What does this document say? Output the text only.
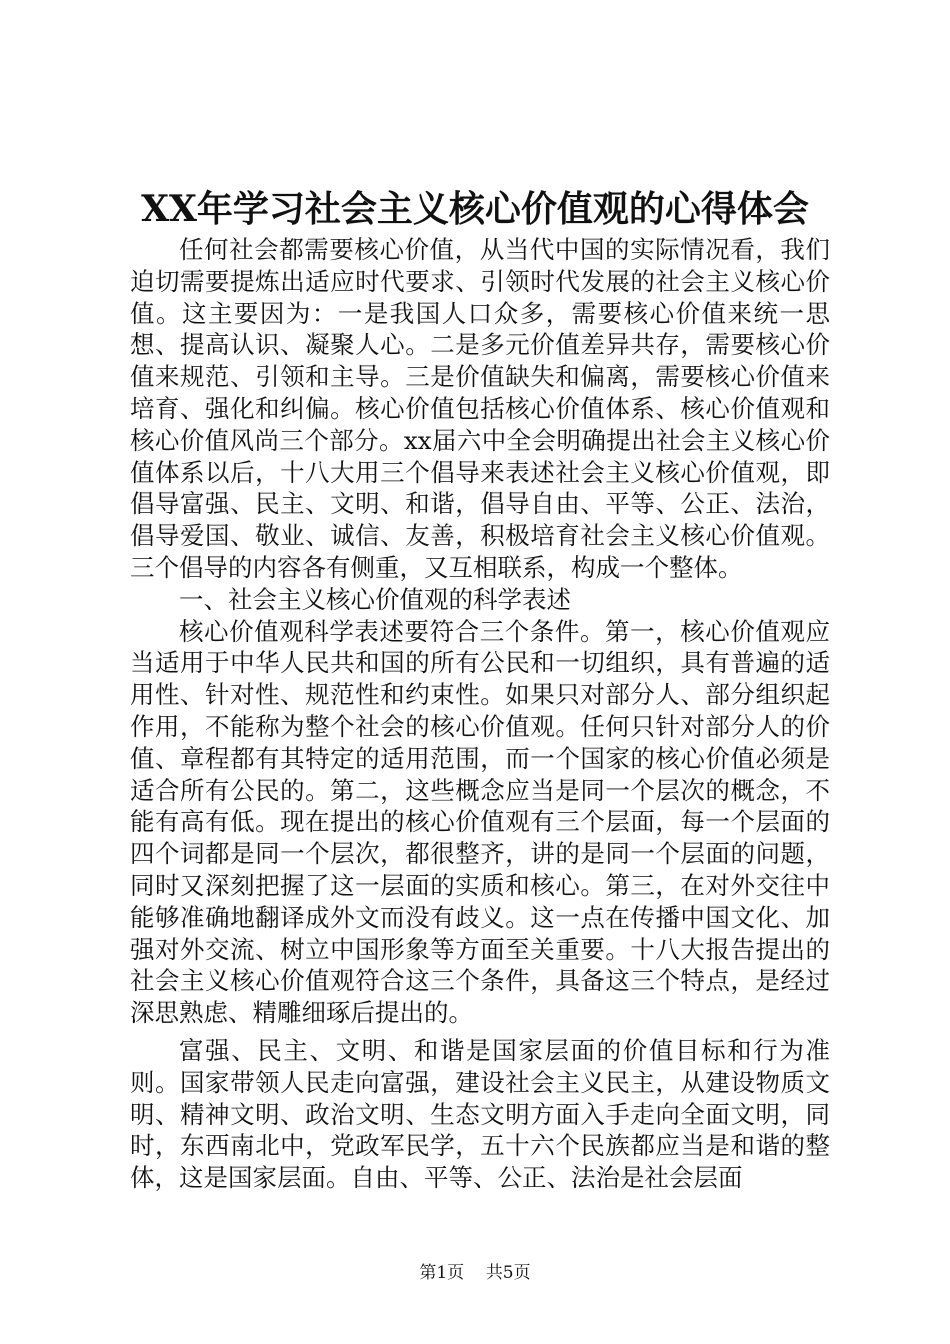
XX年学习社会主义核心价值观的心得体会

任何社会都需要核心价值，从当代中国的实际情况看，我们迫切需要提炼出适应时代要求、引领时代发展的社会主义核心价值。这主要因为：一是我国人口众多，需要核心价值来统一思想、提高认识、凝聚人心。二是多元价值差异共存，需要核心价值来规范、引领和主导。三是价值缺失和偏离，需要核心价值来培育、强化和纠偏。核心价值包括核心价值体系、核心价值观和核心价值风尚三个部分。xx届六中全会明确提出社会主义核心价值体系以后，十八大用三个倡导来表述社会主义核心价值观，即倡导富强、民主、文明、和谐，倡导自由、平等、公正、法治，倡导爱国、敬业、诚信、友善，积极培育社会主义核心价值观。三个倡导的内容各有侧重，又互相联系，构成一个整体。

一、社会主义核心价值观的科学表述

核心价值观科学表述要符合三个条件。第一，核心价值观应当适用于中华人民共和国的所有公民和一切组织，具有普遍的适用性、针对性、规范性和约束性。如果只对部分人、部分组织起作用，不能称为整个社会的核心价值观。任何只针对部分人的价值、章程都有其特定的适用范围，而一个国家的核心价值必须是适合所有公民的。第二，这些概念应当是同一个层次的概念，不能有高有低。现在提出的核心价值观有三个层面，每一个层面的四个词都是同一个层次，都很整齐，讲的是同一个层面的问题，同时又深刻把握了这一层面的实质和核心。第三，在对外交往中能够准确地翻译成外文而没有歧义。这一点在传播中国文化、加强对外交流、树立中国形象等方面至关重要。十八大报告提出的社会主义核心价值观符合这三个条件，具备这三个特点，是经过深思熟虑、精雕细琢后提出的。

富强、民主、文明、和谐是国家层面的价值目标和行为准则。国家带领人民走向富强，建设社会主义民主，从建设物质文明、精神文明、政治文明、生态文明方面入手走向全面文明，同时，东西南北中，党政军民学，五十六个民族都应当是和谐的整体，这是国家层面。自由、平等、公正、法治是社会层面

第1页 共5页
